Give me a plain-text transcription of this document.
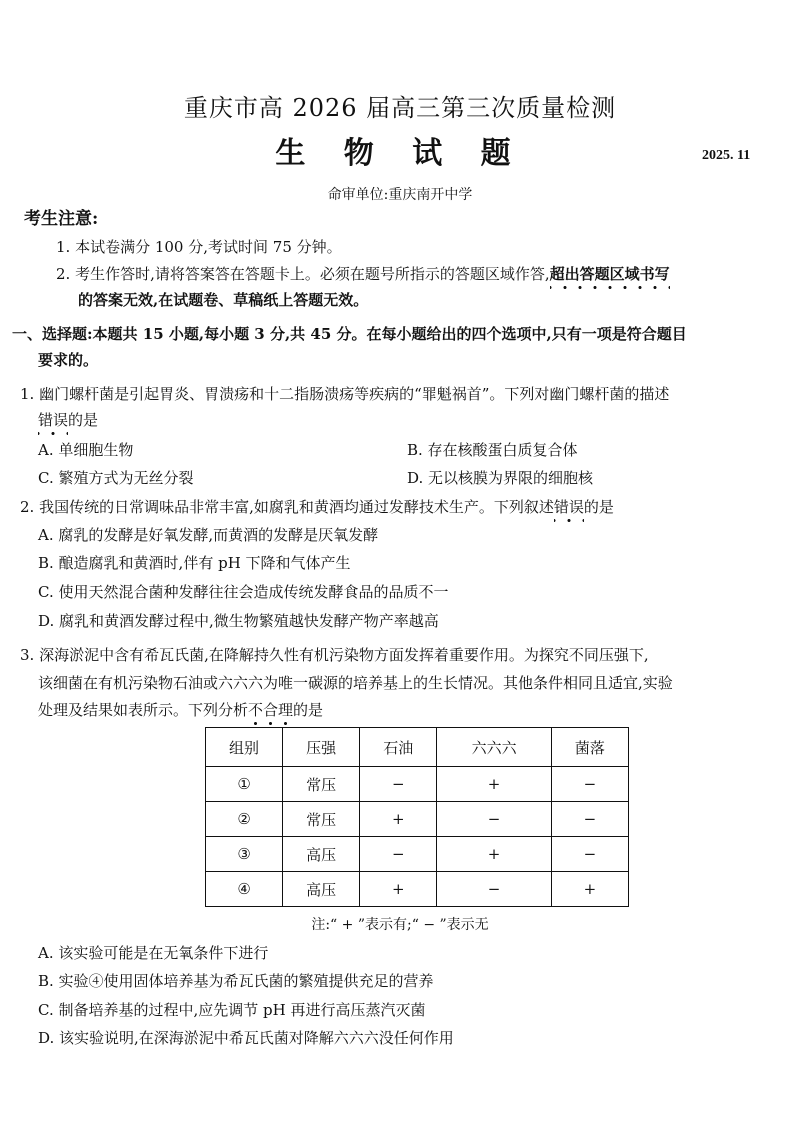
重庆市高 2026 届高三第三次质量检测
生 物 试 题	2025. 11
命审单位:重庆南开中学
考生注意:
1. 本试卷满分 100 分,考试时间 75 分钟。
2. 考生作答时,请将答案答在答题卡上。必须在题号所指示的答题区域作答,超出答题区域书写
的答案无效,在试题卷、草稿纸上答题无效。
一、选择题:本题共 15 小题,每小题 3 分,共 45 分。在每小题给出的四个选项中,只有一项是符合题目
要求的。
1. 幽门螺杆菌是引起胃炎、胃溃疡和十二指肠溃疡等疾病的“罪魁祸首”。下列对幽门螺杆菌的描述
错误的是
A. 单细胞生物	B. 存在核酸蛋白质复合体
C. 繁殖方式为无丝分裂	D. 无以核膜为界限的细胞核
2. 我国传统的日常调味品非常丰富,如腐乳和黄酒均通过发酵技术生产。下列叙述错误的是
A. 腐乳的发酵是好氧发酵,而黄酒的发酵是厌氧发酵
B. 酿造腐乳和黄酒时,伴有 pH 下降和气体产生
C. 使用天然混合菌种发酵往往会造成传统发酵食品的品质不一
D. 腐乳和黄酒发酵过程中,微生物繁殖越快发酵产物产率越高
3. 深海淤泥中含有希瓦氏菌,在降解持久性有机污染物方面发挥着重要作用。为探究不同压强下,
该细菌在有机污染物石油或六六六为唯一碳源的培养基上的生长情况。其他条件相同且适宜,实验
处理及结果如表所示。下列分析不合理的是
组别	压强	石油	六六六	菌落
①	常压	−	+	−
②	常压	+	−	−
③	高压	−	+	−
④	高压	+	−	+
注:“ + ”表示有;“ − ”表示无
A. 该实验可能是在无氧条件下进行
B. 实验④使用固体培养基为希瓦氏菌的繁殖提供充足的营养
C. 制备培养基的过程中,应先调节 pH 再进行高压蒸汽灭菌
D. 该实验说明,在深海淤泥中希瓦氏菌对降解六六六没任何作用
